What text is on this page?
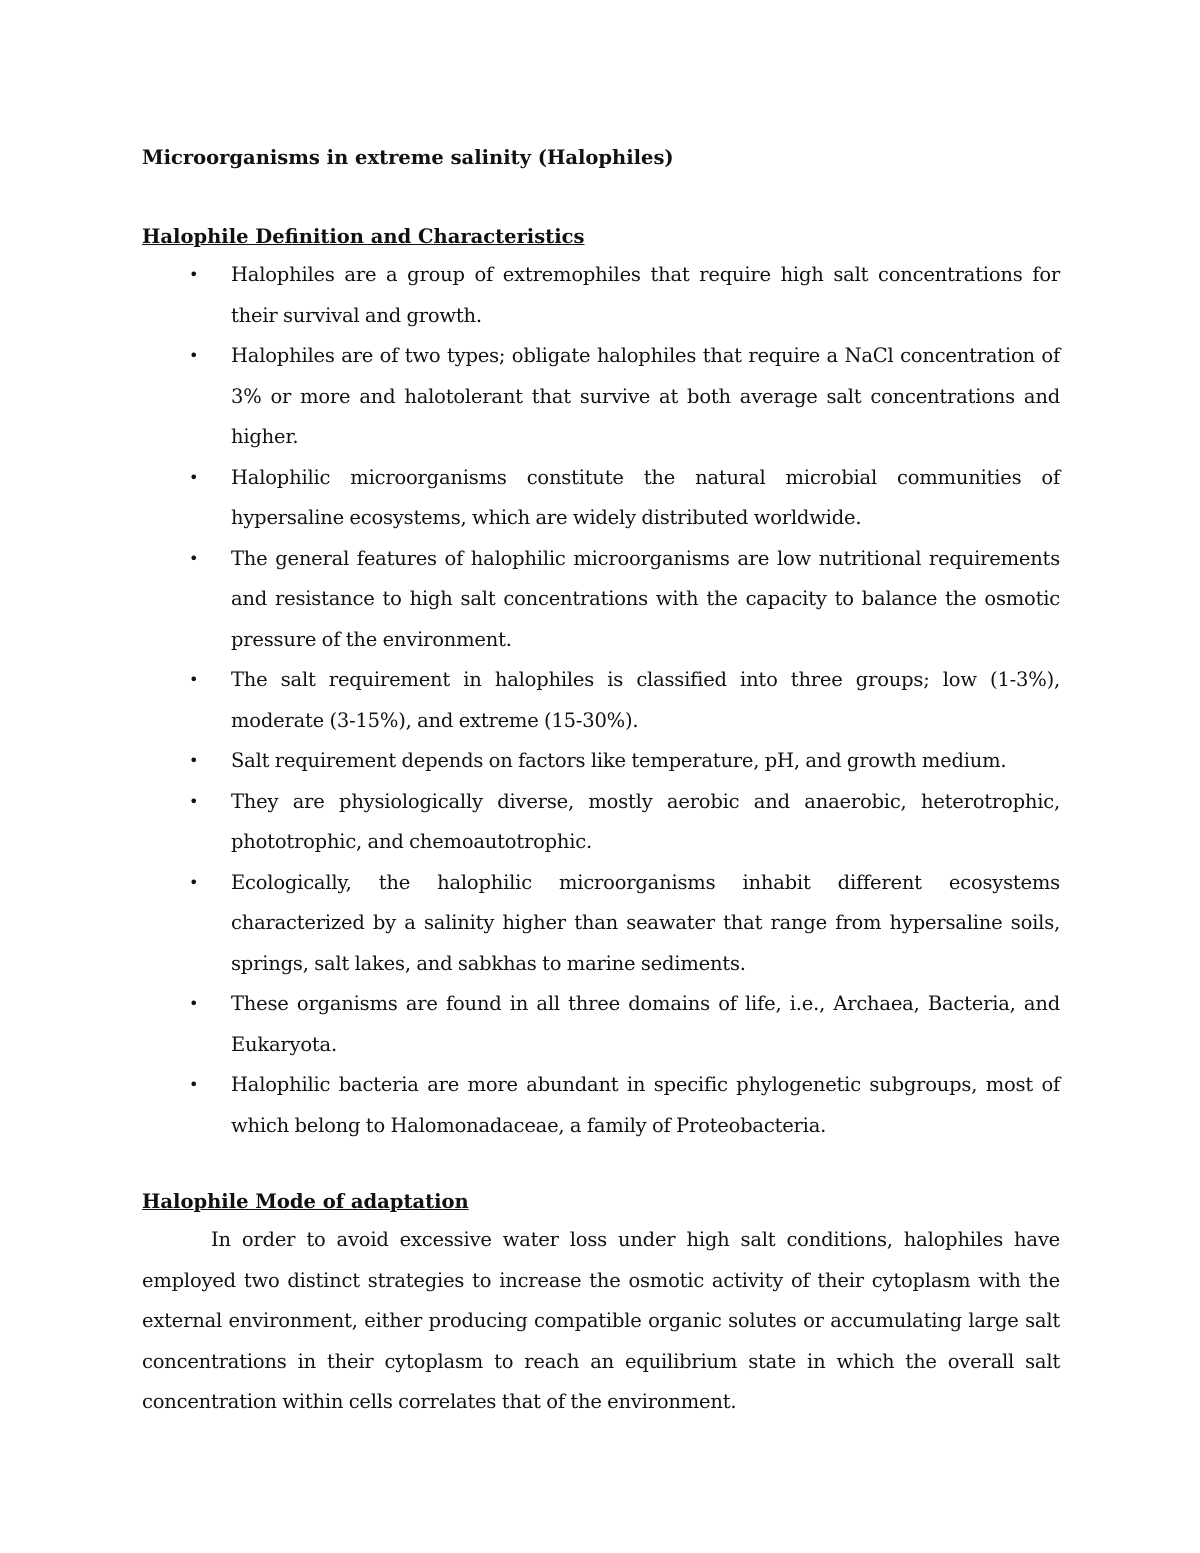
Microorganisms in extreme salinity (Halophiles)

Halophile Definition and Characteristics

• Halophiles are a group of extremophiles that require high salt concentrations for their survival and growth.
• Halophiles are of two types; obligate halophiles that require a NaCl concentration of 3% or more and halotolerant that survive at both average salt concentrations and higher.
• Halophilic microorganisms constitute the natural microbial communities of hypersaline ecosystems, which are widely distributed worldwide.
• The general features of halophilic microorganisms are low nutritional requirements and resistance to high salt concentrations with the capacity to balance the osmotic pressure of the environment.
• The salt requirement in halophiles is classified into three groups; low (1-3%), moderate (3-15%), and extreme (15-30%).
• Salt requirement depends on factors like temperature, pH, and growth medium.
• They are physiologically diverse, mostly aerobic and anaerobic, heterotrophic, phototrophic, and chemoautotrophic.
• Ecologically, the halophilic microorganisms inhabit different ecosystems characterized by a salinity higher than seawater that range from hypersaline soils, springs, salt lakes, and sabkhas to marine sediments.
• These organisms are found in all three domains of life, i.e., Archaea, Bacteria, and Eukaryota.
• Halophilic bacteria are more abundant in specific phylogenetic subgroups, most of which belong to Halomonadaceae, a family of Proteobacteria.

Halophile Mode of adaptation

In order to avoid excessive water loss under high salt conditions, halophiles have employed two distinct strategies to increase the osmotic activity of their cytoplasm with the external environment, either producing compatible organic solutes or accumulating large salt concentrations in their cytoplasm to reach an equilibrium state in which the overall salt concentration within cells correlates that of the environment.
